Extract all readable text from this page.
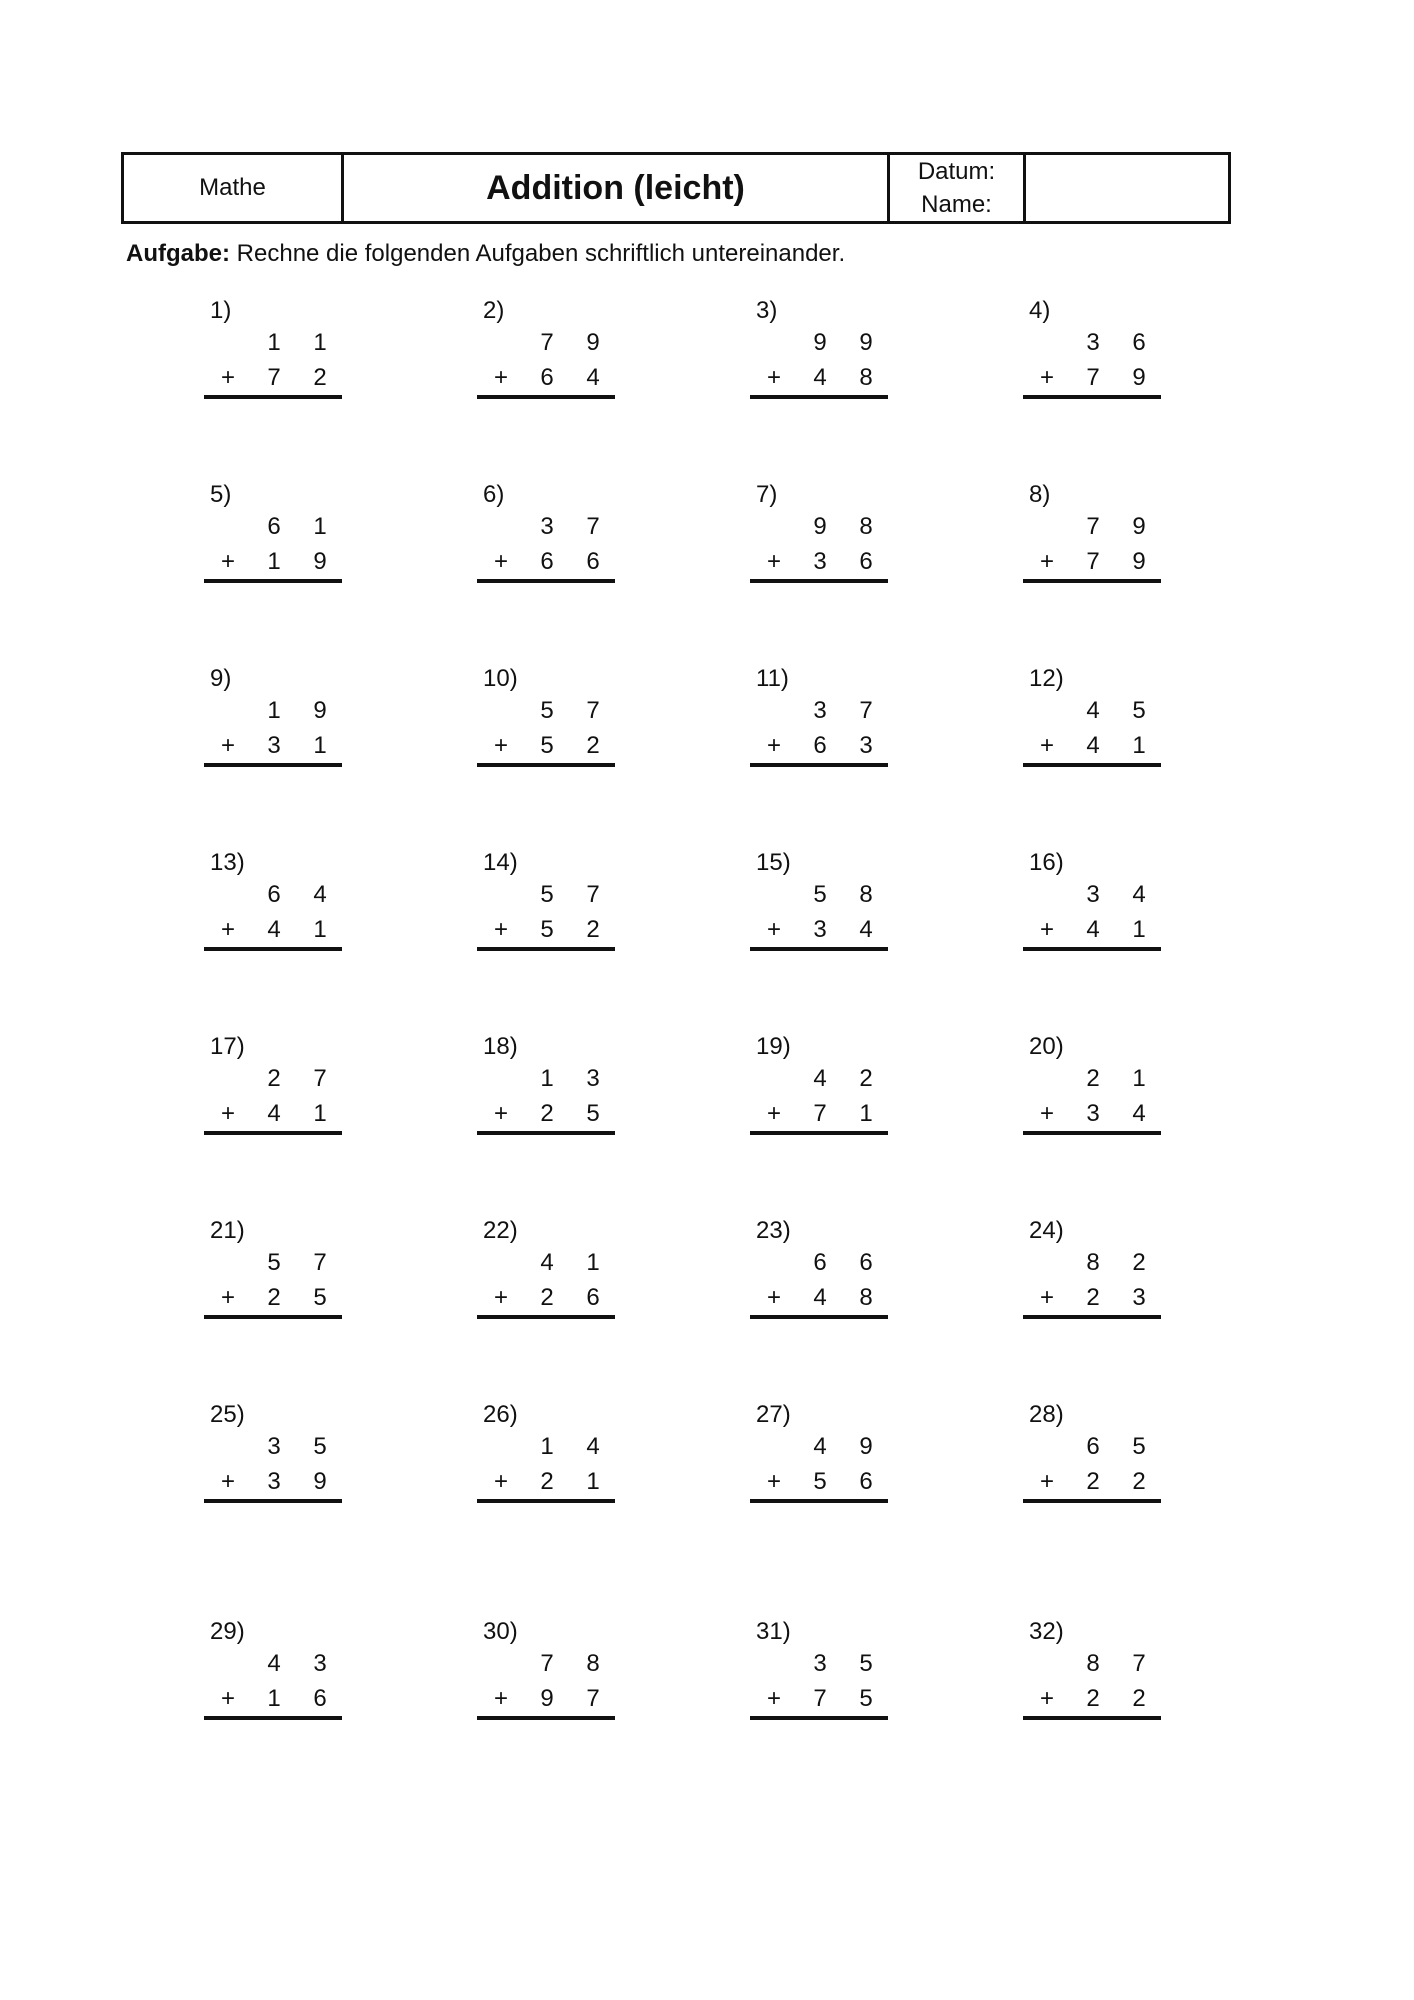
Mathe	Addition (leicht)	Datum:
Name:
Aufgabe: Rechne die folgenden Aufgaben schriftlich untereinander.
1)
1 1
+ 7 2
2)
7 9
+ 6 4
3)
9 9
+ 4 8
4)
3 6
+ 7 9
5)
6 1
+ 1 9
6)
3 7
+ 6 6
7)
9 8
+ 3 6
8)
7 9
+ 7 9
9)
1 9
+ 3 1
10)
5 7
+ 5 2
11)
3 7
+ 6 3
12)
4 5
+ 4 1
13)
6 4
+ 4 1
14)
5 7
+ 5 2
15)
5 8
+ 3 4
16)
3 4
+ 4 1
17)
2 7
+ 4 1
18)
1 3
+ 2 5
19)
4 2
+ 7 1
20)
2 1
+ 3 4
21)
5 7
+ 2 5
22)
4 1
+ 2 6
23)
6 6
+ 4 8
24)
8 2
+ 2 3
25)
3 5
+ 3 9
26)
1 4
+ 2 1
27)
4 9
+ 5 6
28)
6 5
+ 2 2
29)
4 3
+ 1 6
30)
7 8
+ 9 7
31)
3 5
+ 7 5
32)
8 7
+ 2 2
